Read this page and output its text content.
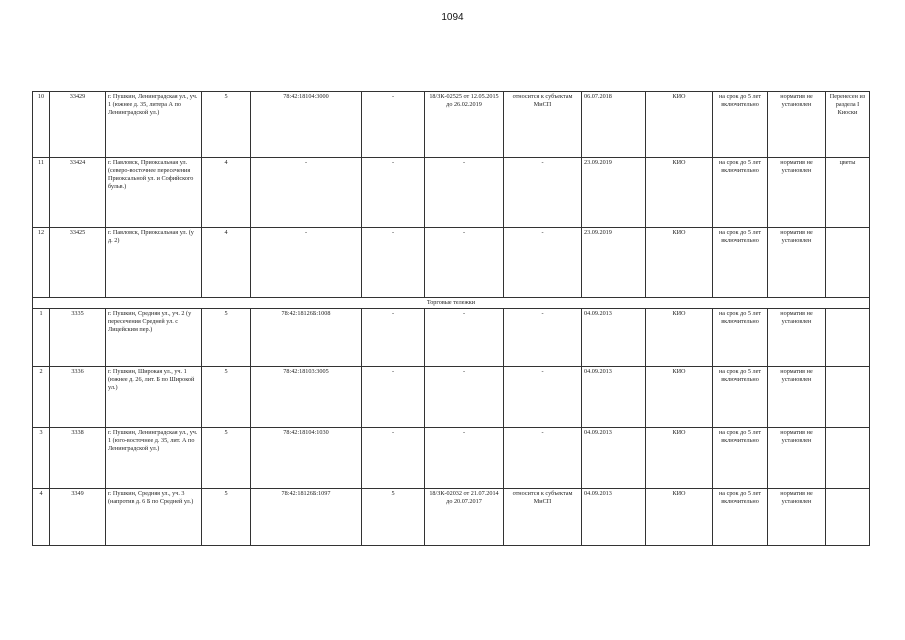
1094
10	33429	г. Пушкин, Ленинградская ул., уч. 1 (южнее д. 35, литера А по Ленинградской ул.)	5	78:42:18104:3000	-	18/ЗК-02525 от 12.05.2015 до 26.02.2019	относится к субъектам МиСП	06.07.2018	КИО	на срок до 5 лет включительно	норматив не установлен	Перенесен из раздела I Киоски
11	33424	г. Павловск, Приоксальная ул. (северо-восточнее пересечения Приоксальной ул. и Софийского бульв.)	4	-	-	-	-	23.09.2019	КИО	на срок до 5 лет включительно	норматив не установлен	цветы
12	33425	г. Павловск, Приоксальная ул. (у д. 2)	4	-	-	-	-	23.09.2019	КИО	на срок до 5 лет включительно	норматив не установлен	
Торговые тележки												
1	3335	г. Пушкин, Средняя ул., уч. 2 (у пересечения Средней ул. с Лицейским пер.)	5	78:42:18126Б:1008	-	-	-	04.09.2013	КИО	на срок до 5 лет включительно	норматив не установлен	
2	3336	г. Пушкин, Широкая ул., уч. 1 (южнее д. 26, лит. Б по Широкой ул.)	5	78:42:18103:3005	-	-	-	04.09.2013	КИО	на срок до 5 лет включительно	норматив не установлен	
3	3338	г. Пушкин, Ленинградская ул., уч. 1 (юго-восточнее д. 35, лит. А по Ленинградской ул.)	5	78:42:18104:1030	-	-	-	04.09.2013	КИО	на срок до 5 лет включительно	норматив не установлен	
4	3349	г. Пушкин, Средняя ул., уч. 3 (напротив д. 6 Б по Средней ул.)	5	78:42:18126Б:1097	5	18/ЗК-02032 от 21.07.2014 до 20.07.2017	относится к субъектам МиСП	04.09.2013	КИО	на срок до 5 лет включительно	норматив не установлен	
